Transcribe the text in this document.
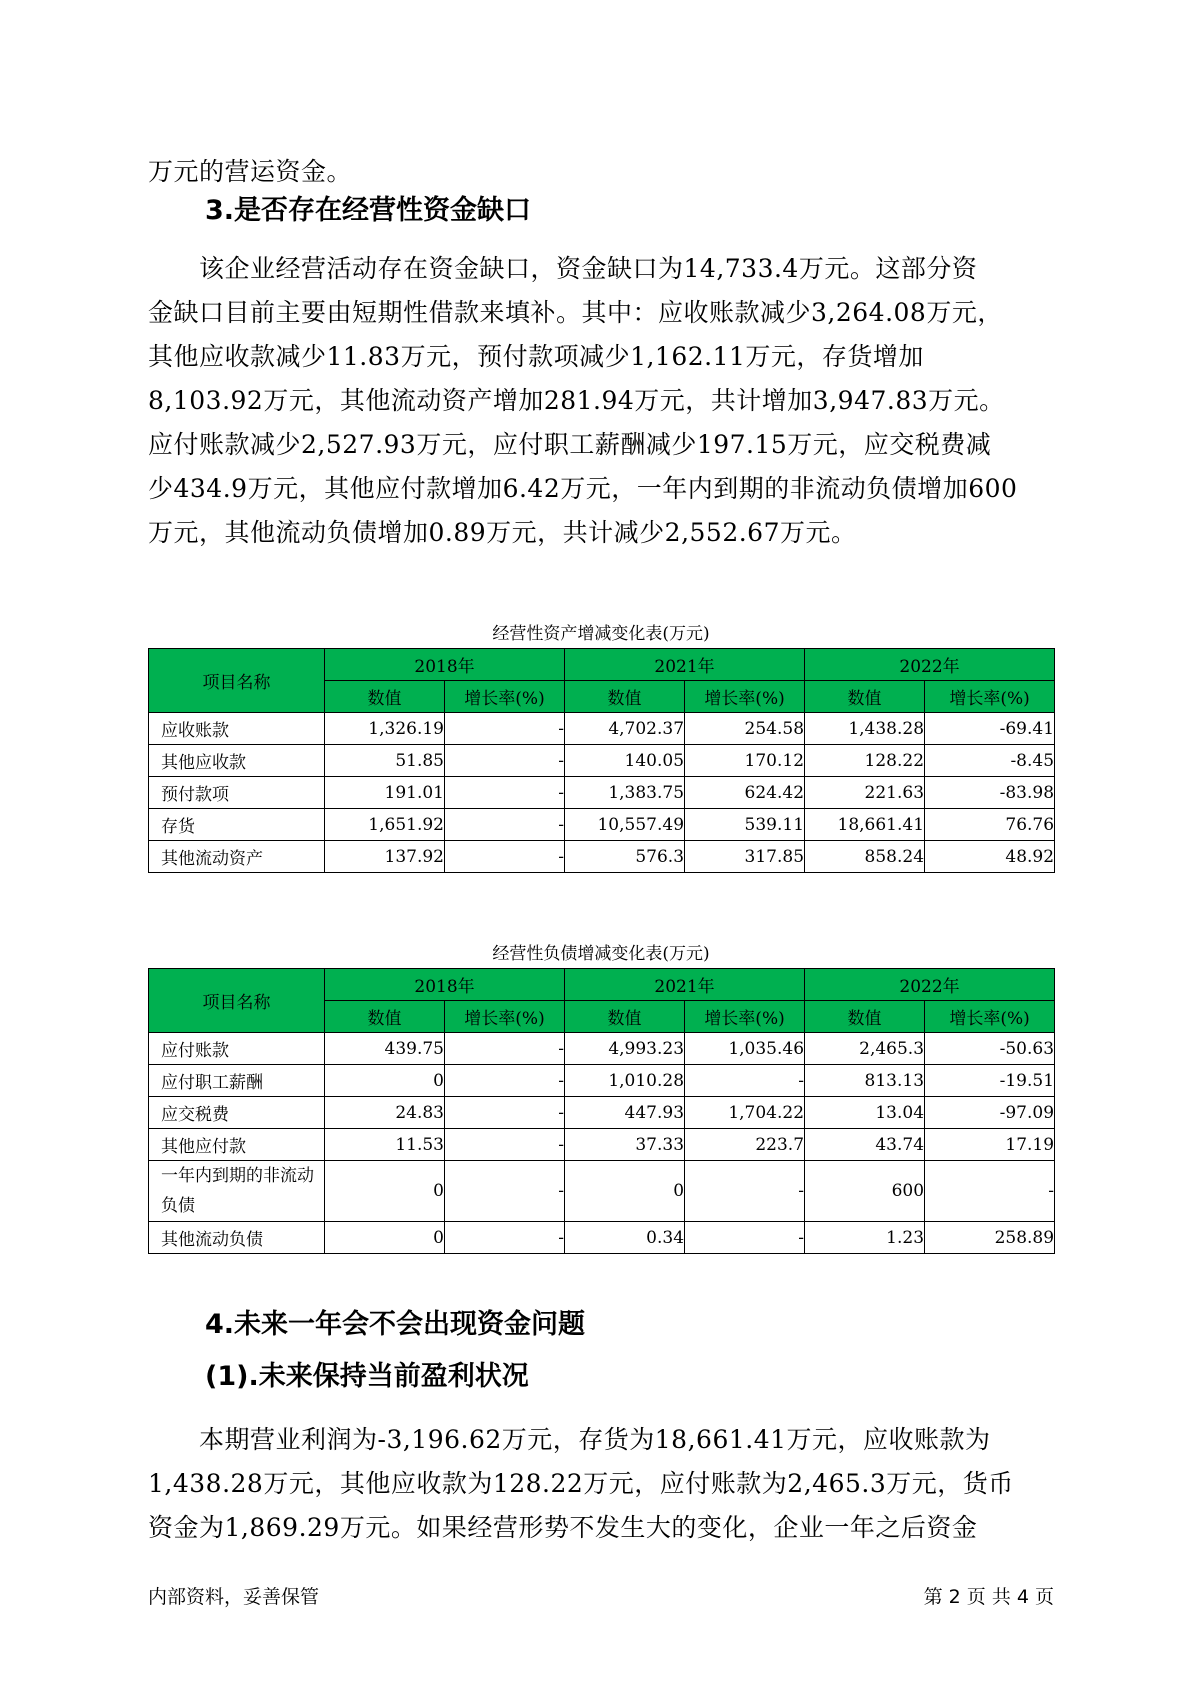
万元的营运资金。

3.是否存在经营性资金缺口

　　该企业经营活动存在资金缺口，资金缺口为14,733.4万元。这部分资
金缺口目前主要由短期性借款来填补。其中：应收账款减少3,264.08万元，
其他应收款减少11.83万元，预付款项减少1,162.11万元，存货增加
8,103.92万元，其他流动资产增加281.94万元，共计增加3,947.83万元。
应付账款减少2,527.93万元，应付职工薪酬减少197.15万元，应交税费减
少434.9万元，其他应付款增加6.42万元，一年内到期的非流动负债增加600
万元，其他流动负债增加0.89万元，共计减少2,552.67万元。

经营性资产增减变化表(万元)
项目名称	2018年		2021年		2022年	
	数值	增长率(%)	数值	增长率(%)	数值	增长率(%)
应收账款	1,326.19	-	4,702.37	254.58	1,438.28	-69.41
其他应收款	51.85	-	140.05	170.12	128.22	-8.45
预付款项	191.01	-	1,383.75	624.42	221.63	-83.98
存货	1,651.92	-	10,557.49	539.11	18,661.41	76.76
其他流动资产	137.92	-	576.3	317.85	858.24	48.92
经营性负债增减变化表(万元)
项目名称	2018年		2021年		2022年	
	数值	增长率(%)	数值	增长率(%)	数值	增长率(%)
应付账款	439.75	-	4,993.23	1,035.46	2,465.3	-50.63
应付职工薪酬	0	-	1,010.28	-	813.13	-19.51
应交税费	24.83	-	447.93	1,704.22	13.04	-97.09
其他应付款	11.53	-	37.33	223.7	43.74	17.19
一年内到期的非流动负债	0	-	0	-	600	-
其他流动负债	0	-	0.34	-	1.23	258.89
4.未来一年会不会出现资金问题
(1).未来保持当前盈利状况

　　本期营业利润为-3,196.62万元，存货为18,661.41万元，应收账款为
1,438.28万元，其他应收款为128.22万元，应付账款为2,465.3万元，货币
资金为1,869.29万元。如果经营形势不发生大的变化，企业一年之后资金

内部资料，妥善保管	第 2 页 共 4 页
